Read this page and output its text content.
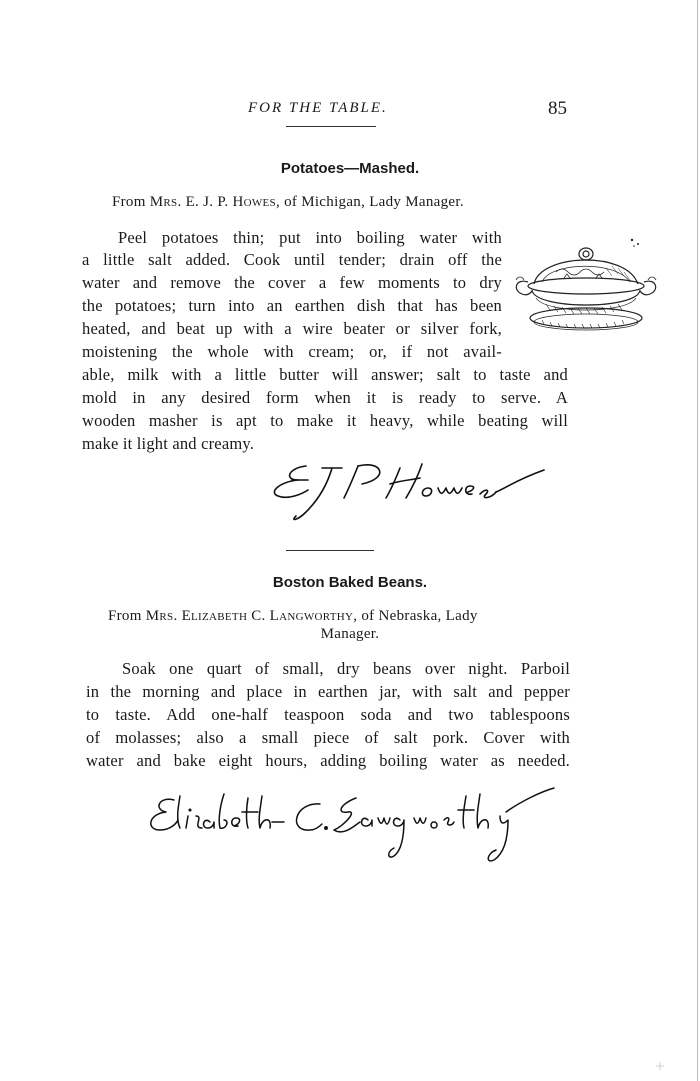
FOR THE TABLE.	85
Potatoes—Mashed.
From Mrs. E. J. P. Howes, of Michigan, Lady Manager.
Peel potatoes thin; put into boiling water with
a little salt added. Cook until tender; drain off the
water and remove the cover a few moments to dry
the potatoes; turn into an earthen dish that has been
heated, and beat up with a wire beater or silver fork,
moistening the whole with cream; or, if not avail-
able, milk with a little butter will answer; salt to taste and
mold in any desired form when it is ready to serve. A
wooden masher is apt to make it heavy, while beating will
make it light and creamy.
Boston Baked Beans.
From Mrs. Elizabeth C. Langworthy, of Nebraska, Lady
Manager.
Soak one quart of small, dry beans over night. Parboil
in the morning and place in earthen jar, with salt and pepper
to taste. Add one-half teaspoon soda and two tablespoons
of molasses; also a small piece of salt pork. Cover with
water and bake eight hours, adding boiling water as needed.
